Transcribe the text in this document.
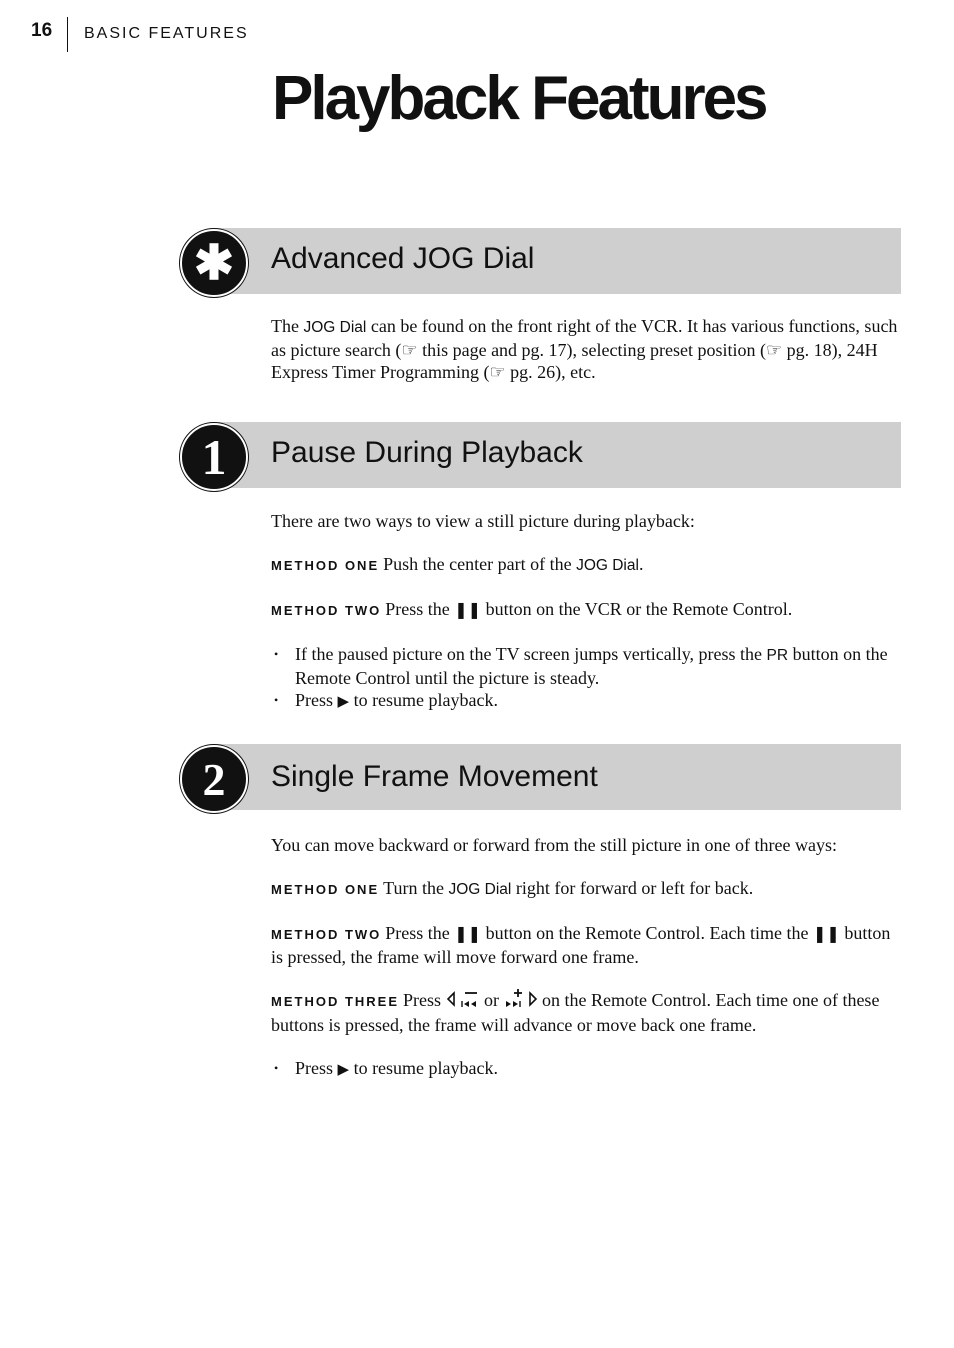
16 BASIC FEATURES
Playback Features
✱	Advanced JOG Dial

The JOG Dial can be found on the front right of the VCR. It has various functions, such as picture search (☞ this page and pg. 17), selecting preset position (☞ pg. 18), 24H Express Timer Programming (☞ pg. 26), etc.

1	Pause During Playback

There are two ways to view a still picture during playback:

METHOD ONE Push the center part of the JOG Dial.

METHOD TWO Press the ❚❚ button on the VCR or the Remote Control.

• If the paused picture on the TV screen jumps vertically, press the PR button on the Remote Control until the picture is steady.
• Press ▶ to resume playback.
2	Single Frame Movement

You can move backward or forward from the still picture in one of three ways:

METHOD ONE Turn the JOG Dial right for forward or left for back.

METHOD TWO Press the ❚❚ button on the Remote Control. Each time the ❚❚ button is pressed, the frame will move forward one frame.

METHOD THREE Press  or  on the Remote Control. Each time one of these buttons is pressed, the frame will advance or move back one frame.

• Press ▶ to resume playback.
